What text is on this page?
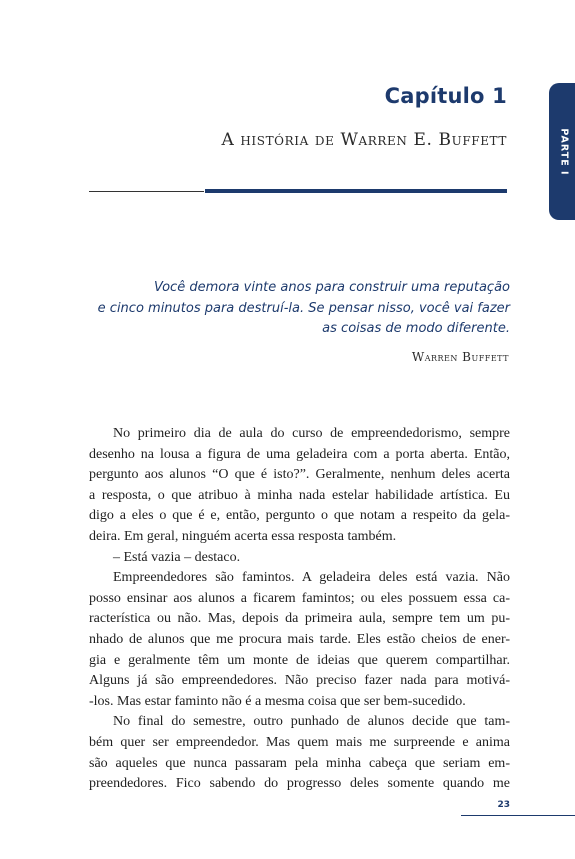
Capítulo 1
A história de Warren E. Buffett	PARTE I
Você demora vinte anos para construir uma reputação
e cinco minutos para destruí-la. Se pensar nisso, você vai fazer
as coisas de modo diferente.

Warren Buffett

No primeiro dia de aula do curso de empreendedorismo, sempre
desenho na lousa a figura de uma geladeira com a porta aberta. Então,
pergunto aos alunos “O que é isto?”. Geralmente, nenhum deles acerta
a resposta, o que atribuo à minha nada estelar habilidade artística. Eu
digo a eles o que é e, então, pergunto o que notam a respeito da gela-
deira. Em geral, ninguém acerta essa resposta também.
– Está vazia – destaco.
Empreendedores são famintos. A geladeira deles está vazia. Não
posso ensinar aos alunos a ficarem famintos; ou eles possuem essa ca-
racterística ou não. Mas, depois da primeira aula, sempre tem um pu-
nhado de alunos que me procura mais tarde. Eles estão cheios de ener-
gia e geralmente têm um monte de ideias que querem compartilhar.
Alguns já são empreendedores. Não preciso fazer nada para motivá-
-los. Mas estar faminto não é a mesma coisa que ser bem-sucedido.
No final do semestre, outro punhado de alunos decide que tam-
bém quer ser empreendedor. Mas quem mais me surpreende e anima
são aqueles que nunca passaram pela minha cabeça que seriam em-
preendedores. Fico sabendo do progresso deles somente quando me

23
